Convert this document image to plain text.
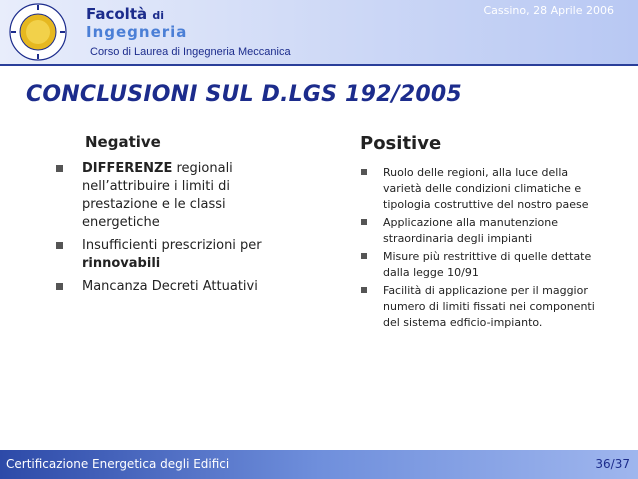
Facoltà di
Ingegneria
Corso di Laurea di Ingegneria Meccanica
Cassino, 28 Aprile 2006
CONCLUSIONI SUL D.LGS 192/2005
Negative	Positive
DIFFERENZE regionali nell’attribuire i limiti di prestazione e le classi energetiche
Insufficienti prescrizioni per rinnovabili
Mancanza Decreti Attuativi
Ruolo delle regioni, alla luce della varietà delle condizioni climatiche e tipologia costruttive del nostro paese
Applicazione alla manutenzione straordinaria degli impianti
Misure più restrittive di quelle dettate dalla legge 10/91
Facilità di applicazione per il maggior numero di limiti fissati nei componenti del sistema edficio-impianto.
Certificazione Energetica degli Edifici	36/37
